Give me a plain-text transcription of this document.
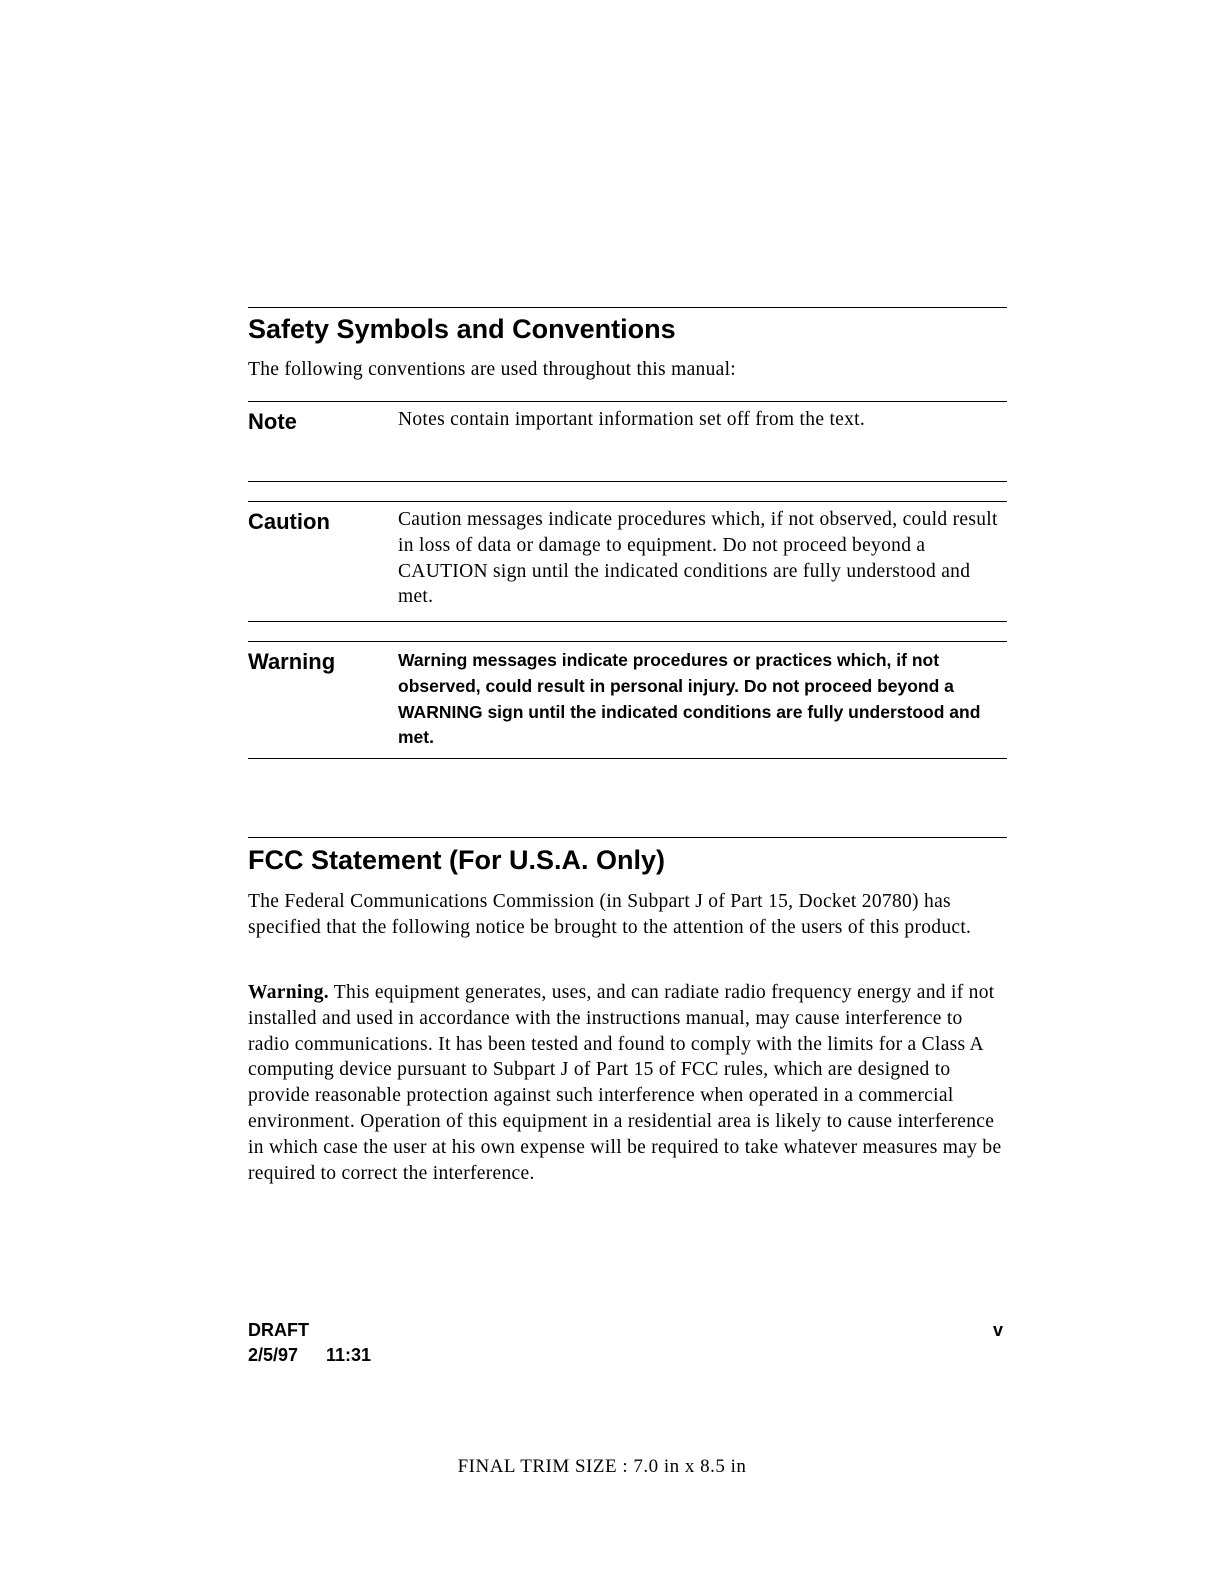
Safety Symbols and Conventions
The following conventions are used throughout this manual:
Note	Notes contain important information set off from the text.
Caution	Caution messages indicate procedures which, if not observed, could result in loss of data or damage to equipment. Do not proceed beyond a CAUTION sign until the indicated conditions are fully understood and met.
Warning	Warning messages indicate procedures or practices which, if not observed, could result in personal injury. Do not proceed beyond a WARNING sign until the indicated conditions are fully understood and met.
FCC Statement (For U.S.A. Only)
The Federal Communications Commission (in Subpart J of Part 15, Docket 20780) has specified that the following notice be brought to the attention of the users of this product.
Warning. This equipment generates, uses, and can radiate radio frequency energy and if not installed and used in accordance with the instructions manual, may cause interference to radio communications. It has been tested and found to comply with the limits for a Class A computing device pursuant to Subpart J of Part 15 of FCC rules, which are designed to provide reasonable protection against such interference when operated in a commercial environment. Operation of this equipment in a residential area is likely to cause interference in which case the user at his own expense will be required to take whatever measures may be required to correct the interference.
DRAFT
2/5/97 11:31
v
FINAL TRIM SIZE : 7.0 in x 8.5 in
